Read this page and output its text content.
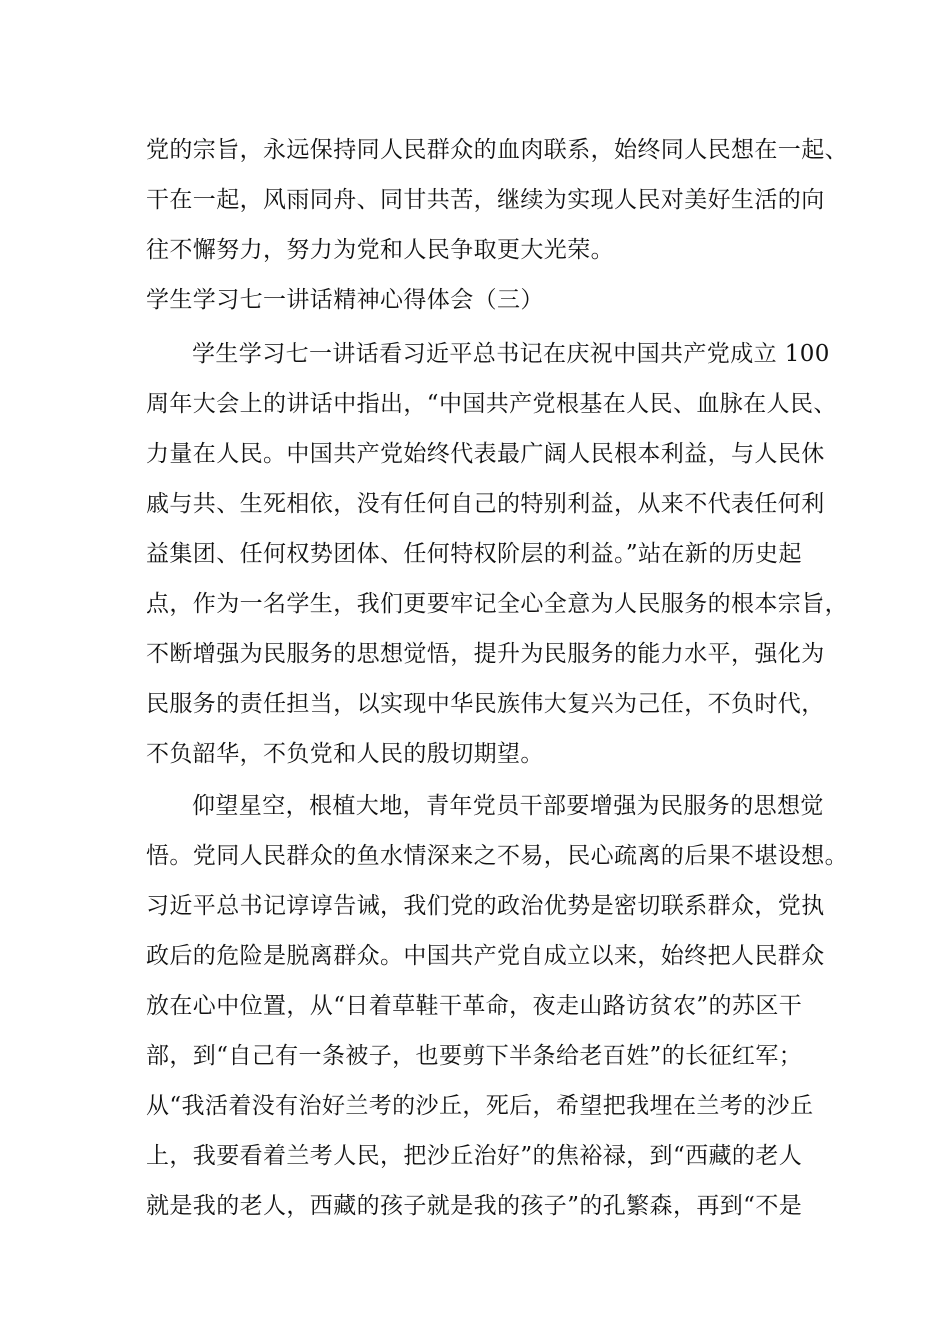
党的宗旨，永远保持同人民群众的血肉联系，始终同人民想在一起、
干在一起，风雨同舟、同甘共苦，继续为实现人民对美好生活的向
往不懈努力，努力为党和人民争取更大光荣。
学生学习七一讲话精神心得体会（三）
学生学习七一讲话看习近平总书记在庆祝中国共产党成立 100
周年大会上的讲话中指出，“中国共产党根基在人民、血脉在人民、
力量在人民。中国共产党始终代表最广阔人民根本利益，与人民休
戚与共、生死相依，没有任何自己的特别利益，从来不代表任何利
益集团、任何权势团体、任何特权阶层的利益。”站在新的历史起
点，作为一名学生，我们更要牢记全心全意为人民服务的根本宗旨，
不断增强为民服务的思想觉悟，提升为民服务的能力水平，强化为
民服务的责任担当，以实现中华民族伟大复兴为己任，不负时代，
不负韶华，不负党和人民的殷切期望。
仰望星空，根植大地，青年党员干部要增强为民服务的思想觉
悟。党同人民群众的鱼水情深来之不易，民心疏离的后果不堪设想。
习近平总书记谆谆告诫，我们党的政治优势是密切联系群众，党执
政后的危险是脱离群众。中国共产党自成立以来，始终把人民群众
放在心中位置，从“日着草鞋干革命，夜走山路访贫农”的苏区干
部，到“自己有一条被子，也要剪下半条给老百姓”的长征红军；
从“我活着没有治好兰考的沙丘，死后，希望把我埋在兰考的沙丘
上，我要看着兰考人民，把沙丘治好”的焦裕禄，到“西藏的老人
就是我的老人，西藏的孩子就是我的孩子”的孔繁森，再到“不是
